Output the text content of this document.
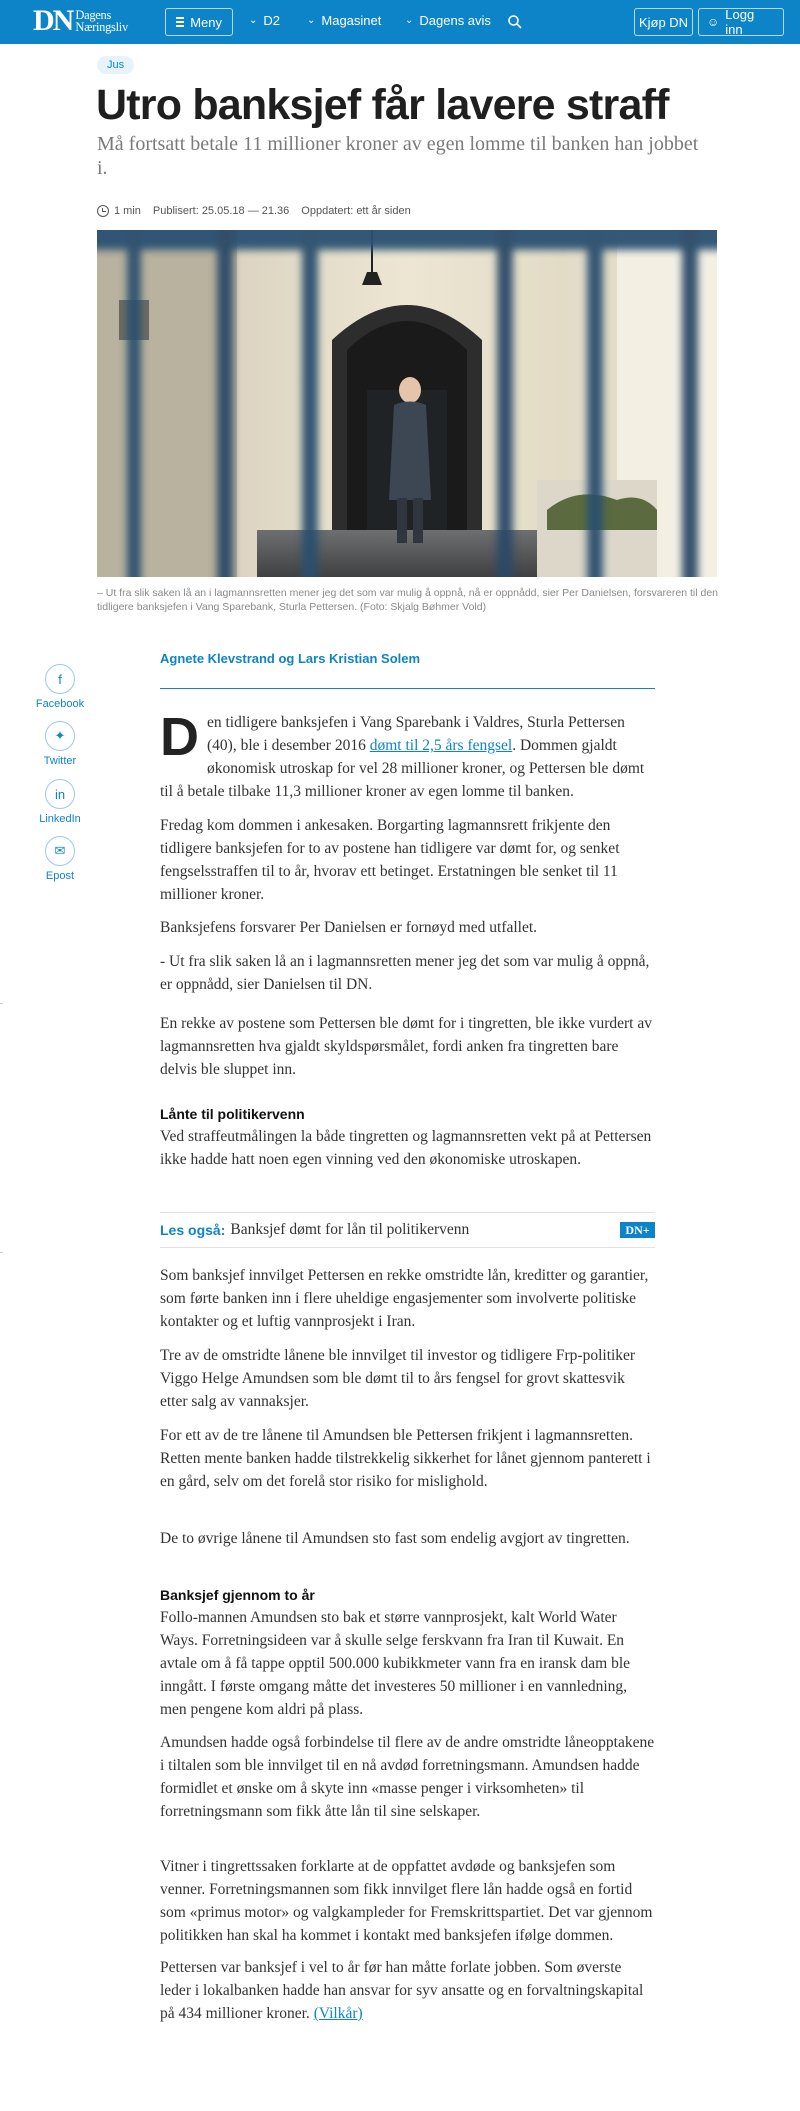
DN Dagens
Næringsliv	Meny	⌄ D2	⌄ Magasinet ⌄ Dagens avis	Kjøp DN ☺ Logg inn
Jus
Utro banksjef får lavere straff
Må fortsatt betale 11 millioner kroner av egen lomme til banken han jobbet i.
1 min Publisert: 25.05.18 — 21.36 Oppdatert: ett år siden
– Ut fra slik saken lå an i lagmannsretten mener jeg det som var mulig å oppnå, nå er oppnådd, sier Per Danielsen, forsvareren til den tidligere banksjefen i Vang Sparebank, Sturla Pettersen. (Foto: Skjalg Bøhmer Vold)
f
Facebook
✦
Twitter
in
LinkedIn
✉
Epost
Agnete Klevstrand og Lars Kristian Solem
D en tidligere banksjefen i Vang Sparebank i Valdres, Sturla Pettersen (40), ble i desember 2016 dømt til 2,5 års fengsel. Dommen gjaldt økonomisk utroskap for vel 28 millioner kroner, og Pettersen ble dømt til å betale tilbake 11,3 millioner kroner av egen lomme til banken.
Fredag kom dommen i ankesaken. Borgarting lagmannsrett frikjente den tidligere banksjefen for to av postene han tidligere var dømt for, og senket fengselsstraffen til to år, hvorav ett betinget. Erstatningen ble senket til 11 millioner kroner.
Banksjefens forsvarer Per Danielsen er fornøyd med utfallet.
- Ut fra slik saken lå an i lagmannsretten mener jeg det som var mulig å oppnå, er oppnådd, sier Danielsen til DN.
En rekke av postene som Pettersen ble dømt for i tingretten, ble ikke vurdert av lagmannsretten hva gjaldt skyldspørsmålet, fordi anken fra tingretten bare delvis ble sluppet inn.
Lånte til politikervenn

Ved straffeutmålingen la både tingretten og lagmannsretten vekt på at Pettersen ikke hadde hatt noen egen vinning ved den økonomiske utroskapen.

Les også: Banksjef dømt for lån til politikervenn	DN+
Som banksjef innvilget Pettersen en rekke omstridte lån, kreditter og garantier, som førte banken inn i flere uheldige engasjementer som involverte politiske kontakter og et luftig vannprosjekt i Iran.
Tre av de omstridte lånene ble innvilget til investor og tidligere Frp-politiker Viggo Helge Amundsen som ble dømt til to års fengsel for grovt skattesvik etter salg av vannaksjer.
For ett av de tre lånene til Amundsen ble Pettersen frikjent i lagmannsretten. Retten mente banken hadde tilstrekkelig sikkerhet for lånet gjennom panterett i en gård, selv om det forelå stor risiko for mislighold.
De to øvrige lånene til Amundsen sto fast som endelig avgjort av tingretten.
Banksjef gjennom to år

Follo-mannen Amundsen sto bak et større vannprosjekt, kalt World Water Ways. Forretningsideen var å skulle selge ferskvann fra Iran til Kuwait. En avtale om å få tappe opptil 500.000 kubikkmeter vann fra en iransk dam ble inngått. I første omgang måtte det investeres 50 millioner i en vannledning, men pengene kom aldri på plass.

Amundsen hadde også forbindelse til flere av de andre omstridte låneopptakene i tiltalen som ble innvilget til en nå avdød forretningsmann. Amundsen hadde formidlet et ønske om å skyte inn «masse penger i virksomheten» til forretningsmann som fikk åtte lån til sine selskaper.
Vitner i tingrettssaken forklarte at de oppfattet avdøde og banksjefen som venner. Forretningsmannen som fikk innvilget flere lån hadde også en fortid som «primus motor» og valgkampleder for Fremskrittspartiet. Det var gjennom politikken han skal ha kommet i kontakt med banksjefen ifølge dommen.
Pettersen var banksjef i vel to år før han måtte forlate jobben. Som øverste leder i lokalbanken hadde han ansvar for syv ansatte og en forvaltningskapital på 434 millioner kroner. (Vilkår)
